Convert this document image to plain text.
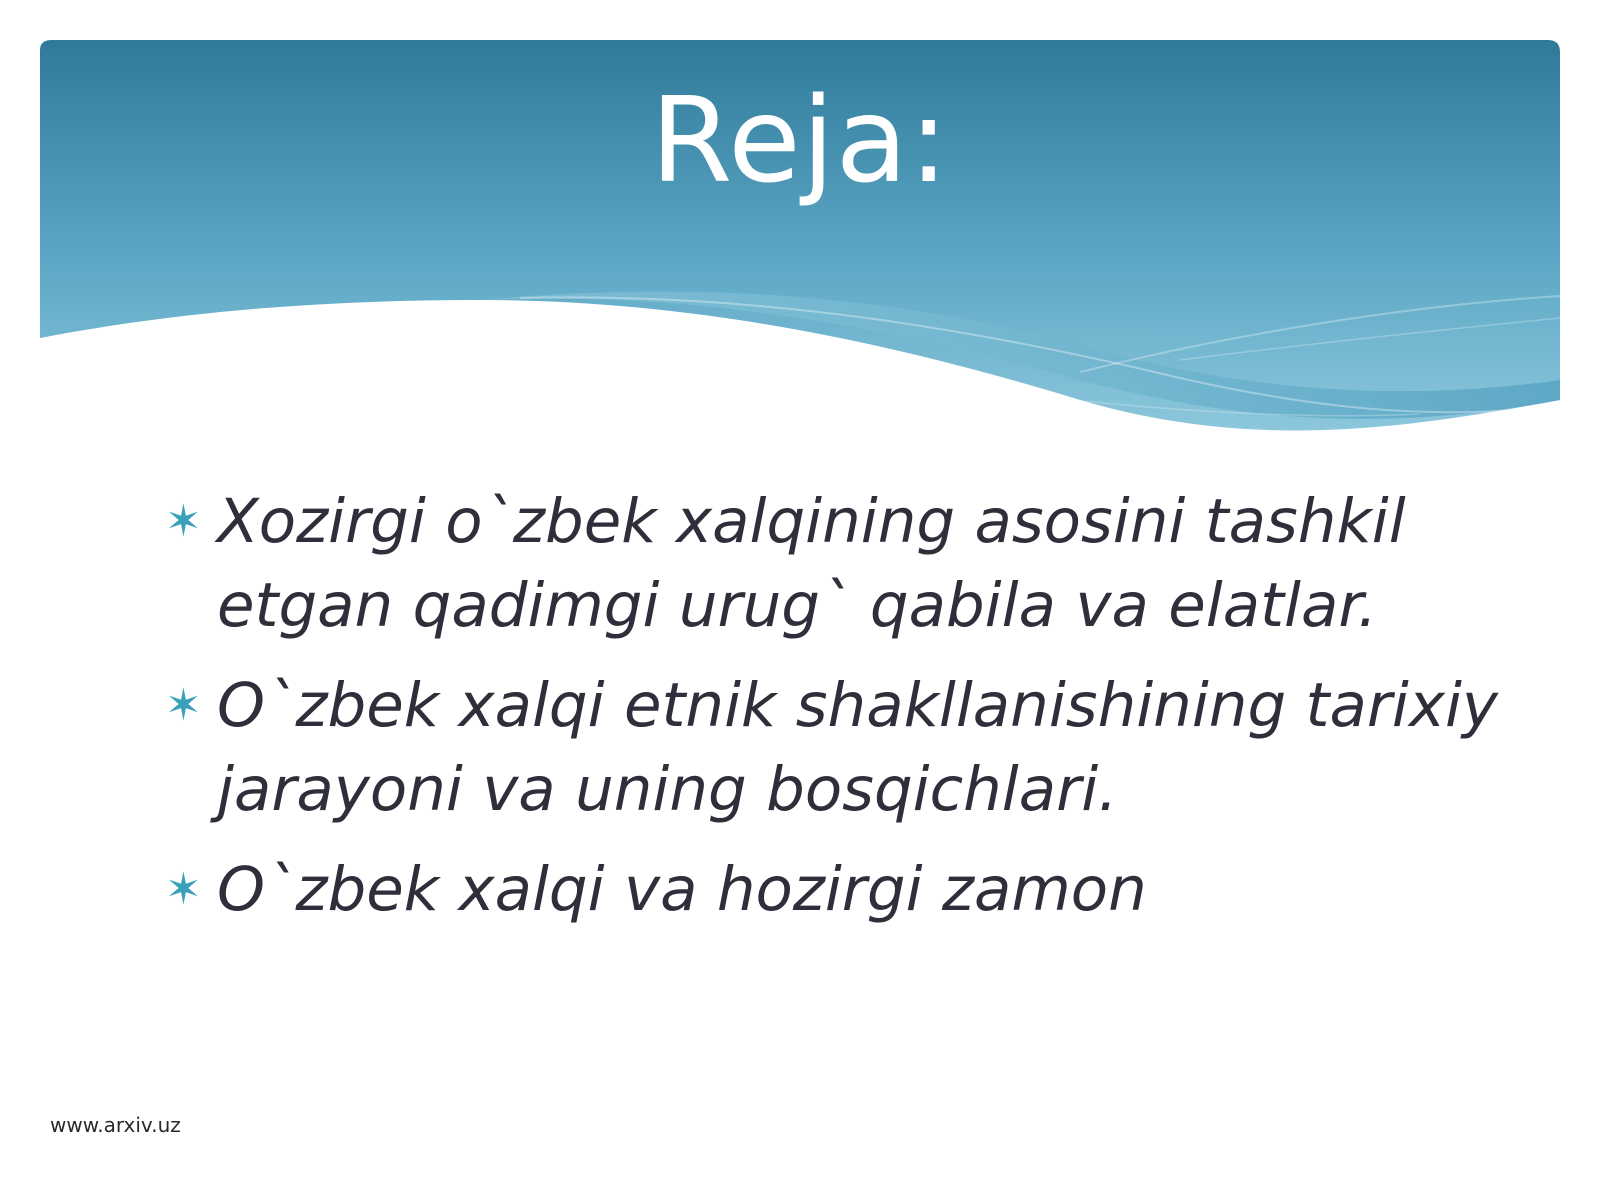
Reja:
✶ Xozirgi o`zbek xalqining asosini tashkil etgan qadimgi urug` qabila va elatlar.
✶ O`zbek xalqi etnik shakllanishining tarixiy jarayoni va uning bosqichlari.
✶ O`zbek xalqi va hozirgi zamon
www.arxiv.uz
